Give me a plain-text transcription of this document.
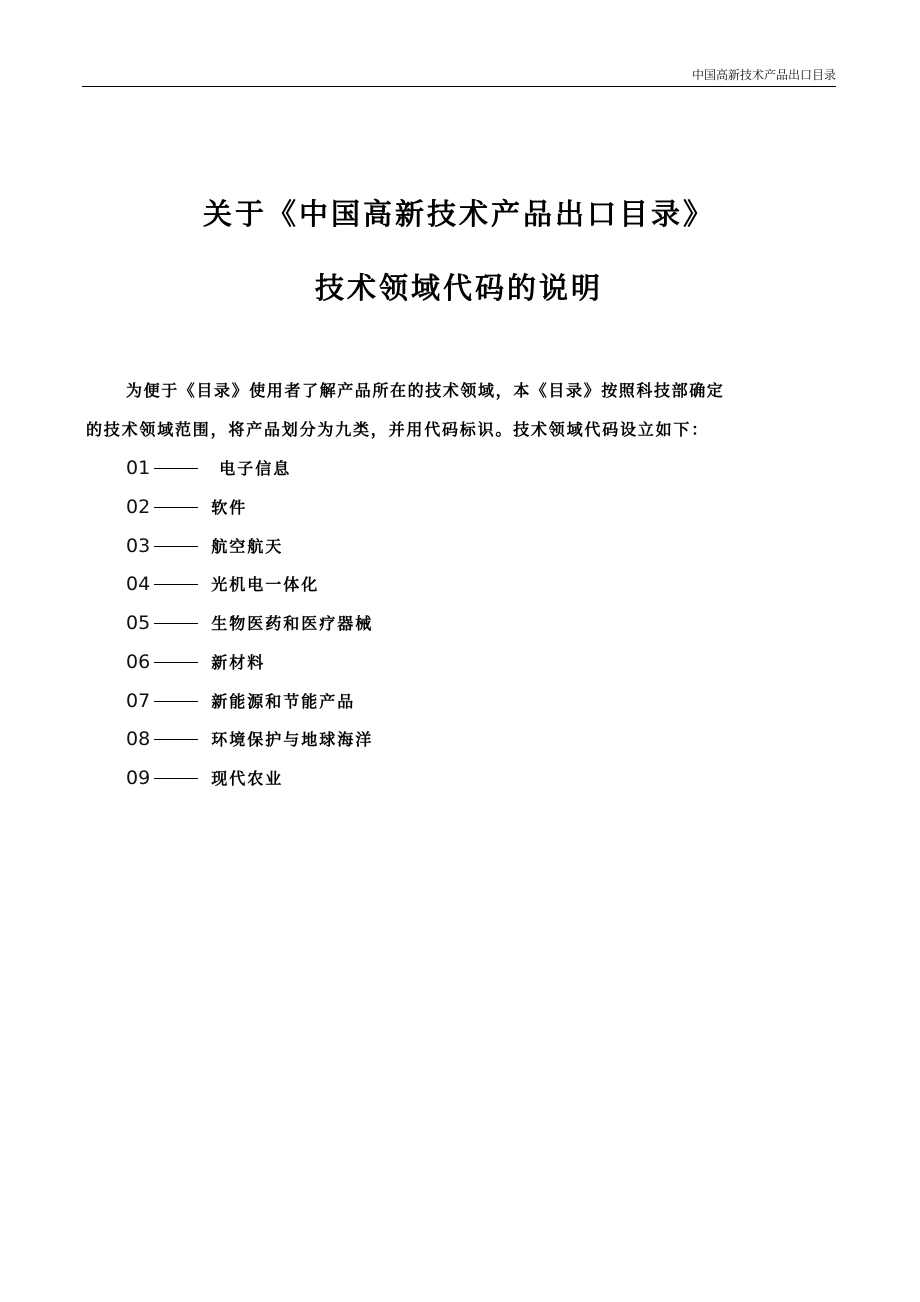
中国高新技术产品出口目录
关于《中国高新技术产品出口目录》
技术领域代码的说明
为便于《目录》使用者了解产品所在的技术领域，本《目录》按照科技部确定
的技术领域范围，将产品划分为九类，并用代码标识。技术领域代码设立如下：
01	电子信息
02	软件
03	航空航天
04	光机电一体化
05	生物医药和医疗器械
06	新材料
07	新能源和节能产品
08	环境保护与地球海洋
09	现代农业
